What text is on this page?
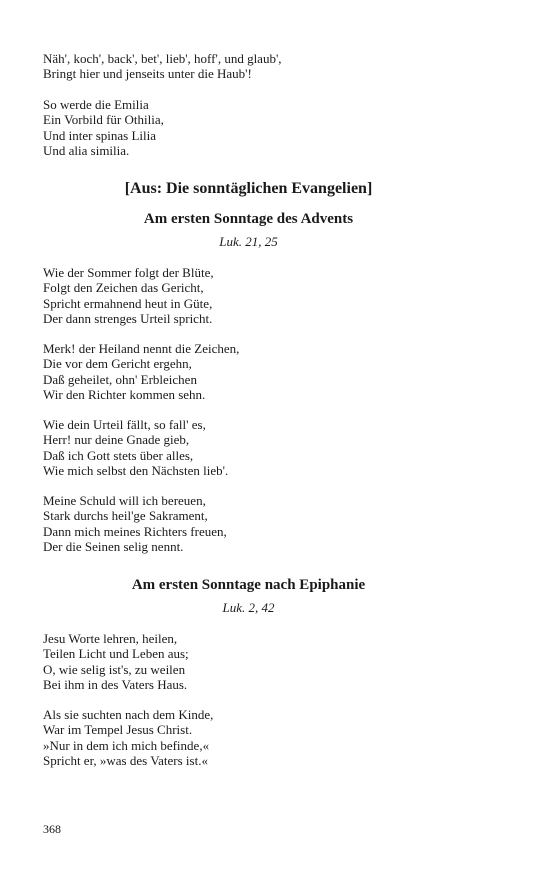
Näh', koch', back', bet', lieb', hoff', und glaub',
Bringt hier und jenseits unter die Haub'!
So werde die Emilia
Ein Vorbild für Othilia,
Und inter spinas Lilia
Und alia similia.
[Aus: Die sonntäglichen Evangelien]
Am ersten Sonntage des Advents
Luk. 21, 25
Wie der Sommer folgt der Blüte,
Folgt den Zeichen das Gericht,
Spricht ermahnend heut in Güte,
Der dann strenges Urteil spricht.
Merk! der Heiland nennt die Zeichen,
Die vor dem Gericht ergehn,
Daß geheilet, ohn' Erbleichen
Wir den Richter kommen sehn.
Wie dein Urteil fällt, so fall' es,
Herr! nur deine Gnade gieb,
Daß ich Gott stets über alles,
Wie mich selbst den Nächsten lieb'.
Meine Schuld will ich bereuen,
Stark durchs heil'ge Sakrament,
Dann mich meines Richters freuen,
Der die Seinen selig nennt.
Am ersten Sonntage nach Epiphanie
Luk. 2, 42
Jesu Worte lehren, heilen,
Teilen Licht und Leben aus;
O, wie selig ist's, zu weilen
Bei ihm in des Vaters Haus.
Als sie suchten nach dem Kinde,
War im Tempel Jesus Christ.
»Nur in dem ich mich befinde,«
Spricht er, »was des Vaters ist.«
368
